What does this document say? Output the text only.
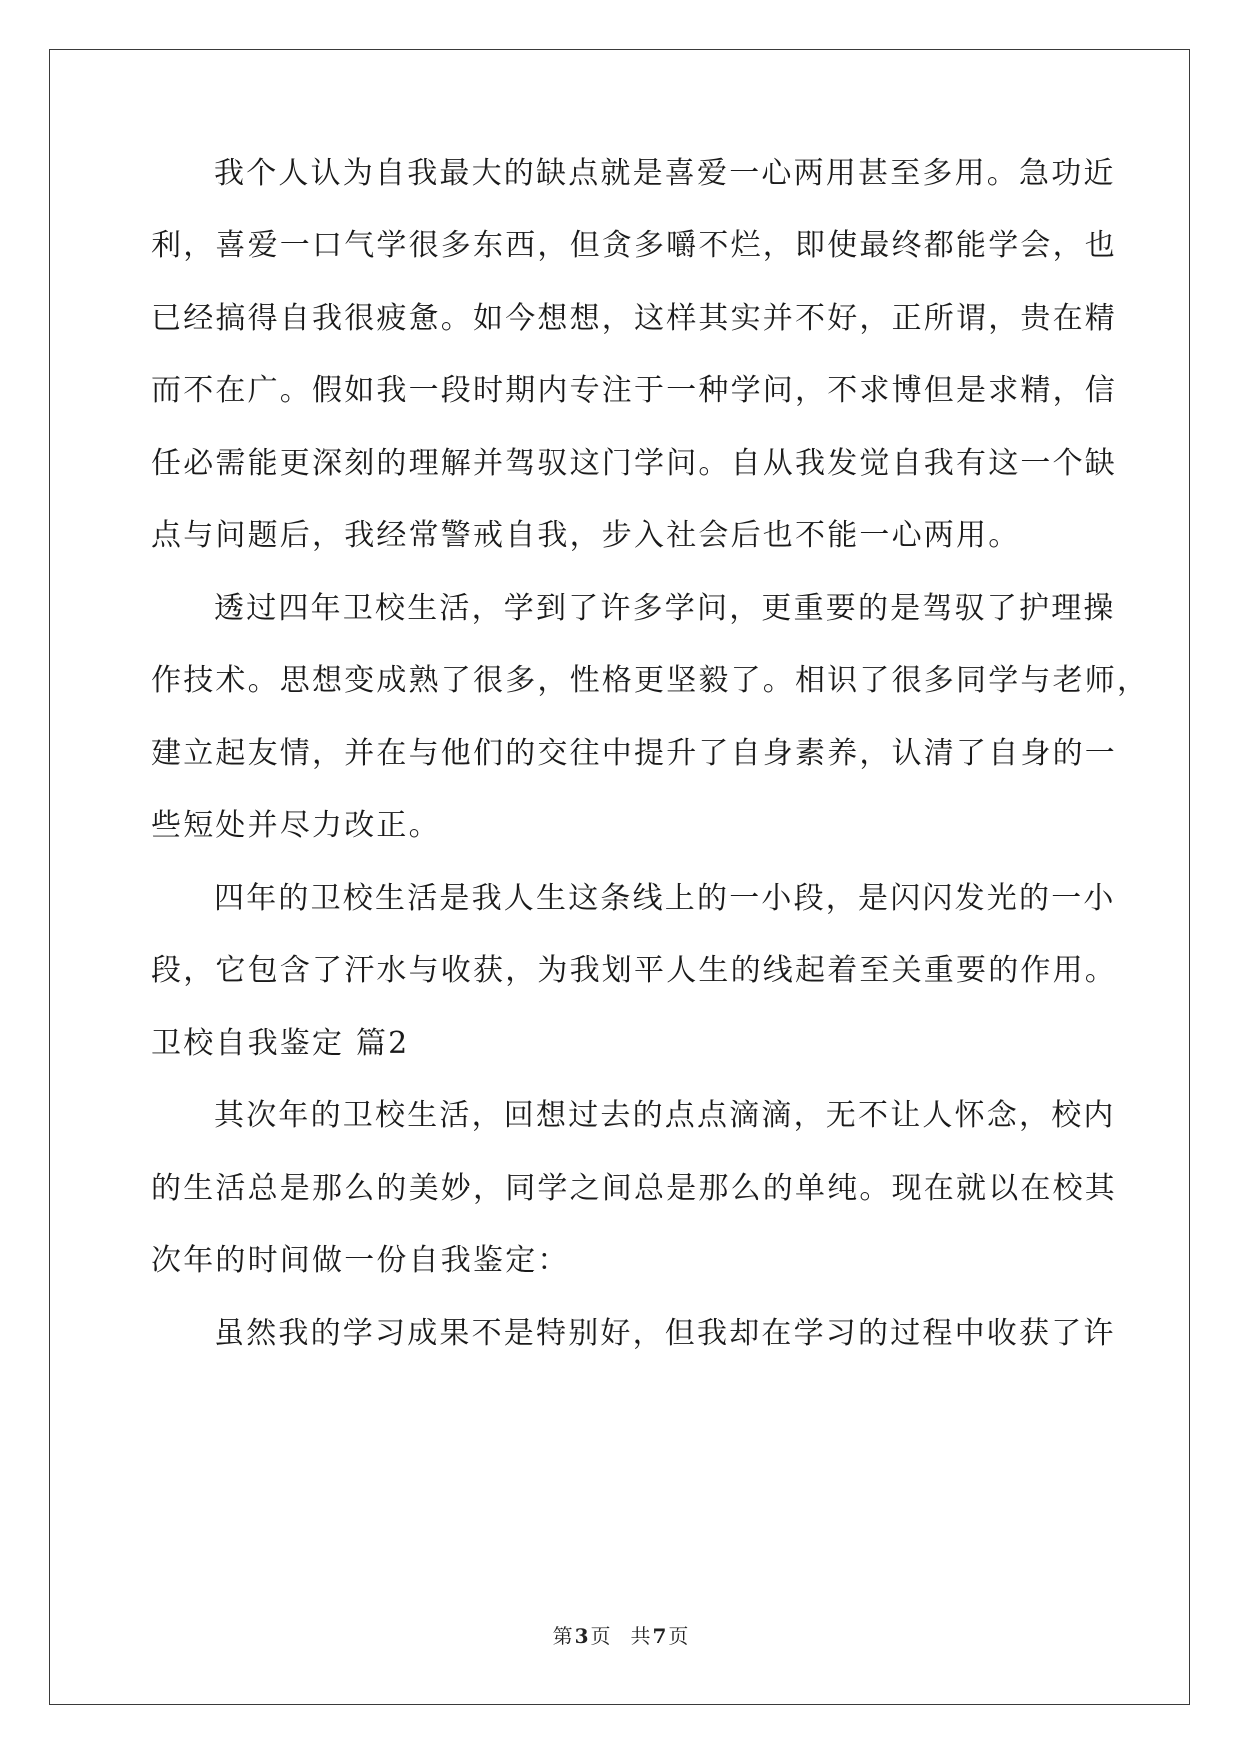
我个人认为自我最大的缺点就是喜爱一心两用甚至多用。急功近
利，喜爱一口气学很多东西，但贪多嚼不烂，即使最终都能学会，也
已经搞得自我很疲惫。如今想想，这样其实并不好，正所谓，贵在精
而不在广。假如我一段时期内专注于一种学问，不求博但是求精，信
任必需能更深刻的理解并驾驭这门学问。自从我发觉自我有这一个缺
点与问题后，我经常警戒自我，步入社会后也不能一心两用。
透过四年卫校生活，学到了许多学问，更重要的是驾驭了护理操
作技术。思想变成熟了很多，性格更坚毅了。相识了很多同学与老师，
建立起友情，并在与他们的交往中提升了自身素养，认清了自身的一
些短处并尽力改正。
四年的卫校生活是我人生这条线上的一小段，是闪闪发光的一小
段，它包含了汗水与收获，为我划平人生的线起着至关重要的作用。
卫校自我鉴定 篇2
其次年的卫校生活，回想过去的点点滴滴，无不让人怀念，校内
的生活总是那么的美妙，同学之间总是那么的单纯。现在就以在校其
次年的时间做一份自我鉴定：
虽然我的学习成果不是特别好，但我却在学习的过程中收获了许
第 3 页 共 7 页
